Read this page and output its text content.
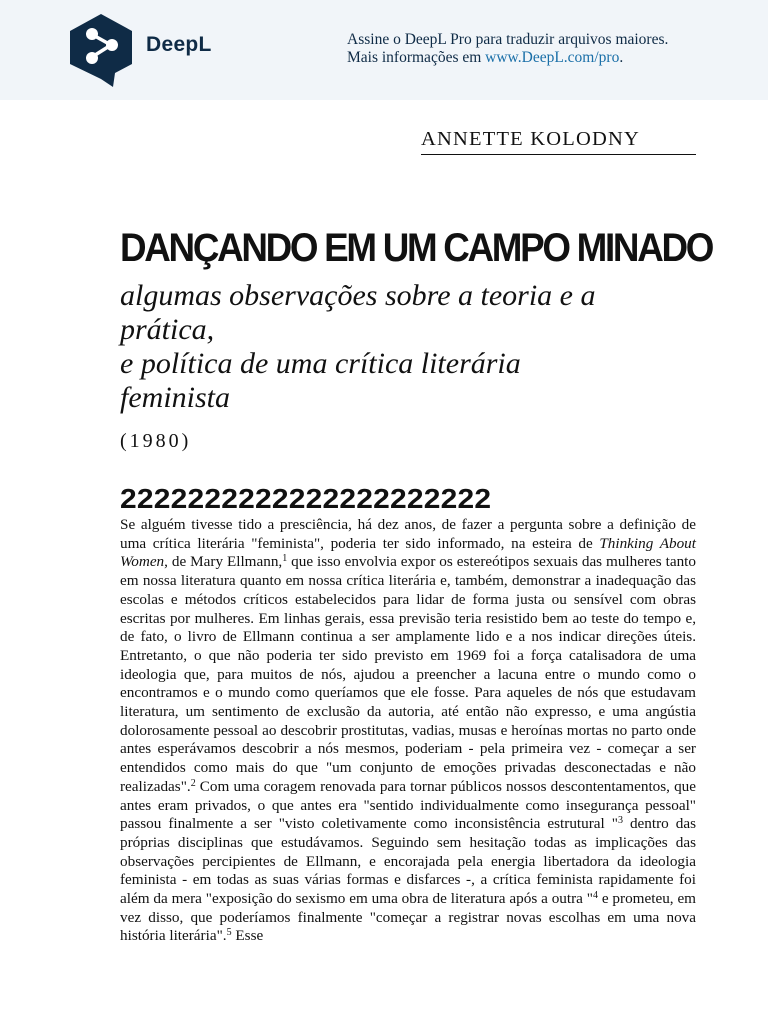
DeepL	Assine o DeepL Pro para traduzir arquivos maiores.
Mais informações em www.DeepL.com/pro.
ANNETTE KOLODNY
DANÇANDO EM UM CAMPO MINADO
algumas observações sobre a teoria e a
prática,
e política de uma crítica literária
feminista
(1980)
2222222222222222222222

Se alguém tivesse tido a presciência, há dez anos, de fazer a pergunta sobre a definição de uma crítica literária "feminista", poderia ter sido informado, na esteira de Thinking About Women, de Mary Ellmann,$^1$ que isso envolvia expor os estereótipos sexuais das mulheres tanto em nossa literatura quanto em nossa crítica literária e, também, demonstrar a inadequação das escolas e métodos críticos estabelecidos para lidar de forma justa ou sensível com obras escritas por mulheres. Em linhas gerais, essa previsão teria resistido bem ao teste do tempo e, de fato, o livro de Ellmann continua a ser amplamente lido e a nos indicar direções úteis. Entretanto, o que não poderia ter sido previsto em 1969 foi a força catalisadora de uma ideologia que, para muitos de nós, ajudou a preencher a lacuna entre o mundo como o encontramos e o mundo como queríamos que ele fosse. Para aqueles de nós que estudavam literatura, um sentimento de exclusão da autoria, até então não expresso, e uma angústia dolorosamente pessoal ao descobrir prostitutas, vadias, musas e heroínas mortas no parto onde antes esperávamos descobrir a nós mesmos, poderiam - pela primeira vez - começar a ser entendidos como mais do que "um conjunto de emoções privadas desconectadas e não realizadas".$^2$ Com uma coragem renovada para tornar públicos nossos descontentamentos, que antes eram privados, o que antes era "sentido individualmente como insegurança pessoal" passou finalmente a ser "visto coletivamente como inconsistência estrutural "$^3$ dentro das próprias disciplinas que estudávamos. Seguindo sem hesitação todas as implicações das observações percipientes de Ellmann, e encorajada pela energia libertadora da ideologia feminista - em todas as suas várias formas e disfarces -, a crítica feminista rapidamente foi além da mera "exposição do sexismo em uma obra de literatura após a outra "$^4$ e prometeu, em vez disso, que poderíamos finalmente "começar a registrar novas escolhas em uma nova história literária".$^5$ Esse
